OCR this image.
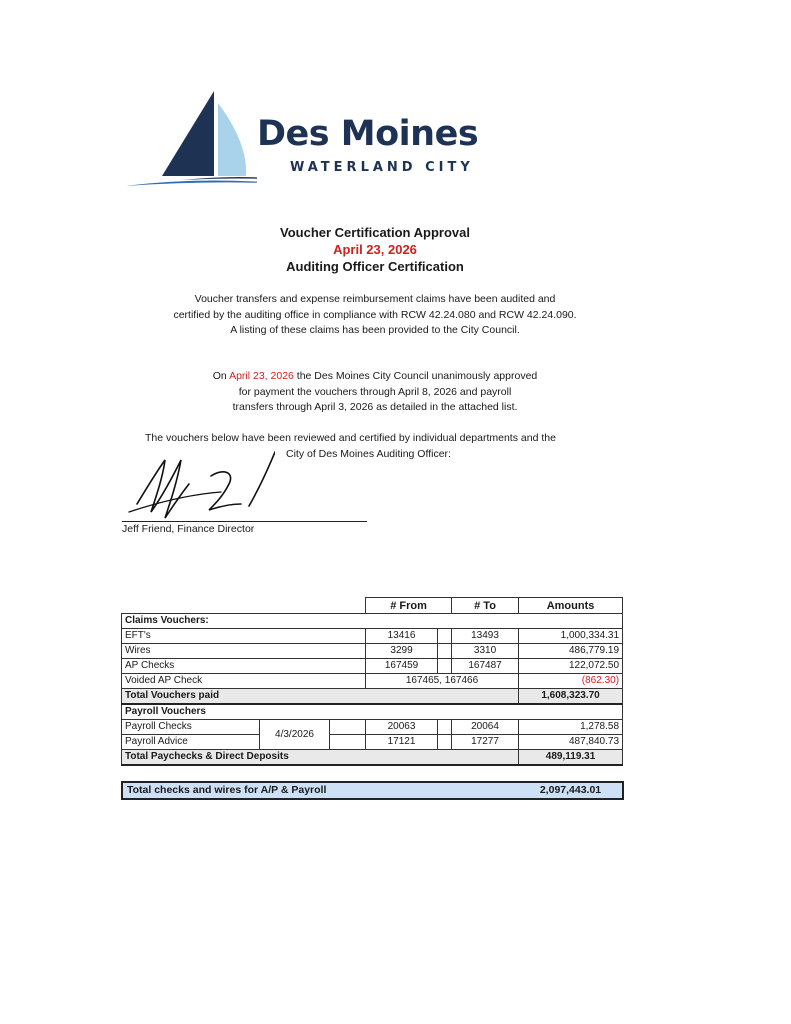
Des Moines

WATERLAND CITY

Voucher Certification Approval
April 23, 2026
Auditing Officer Certification
Voucher transfers and expense reimbursement claims have been audited and
certified by the auditing office in compliance with RCW 42.24.080 and RCW 42.24.090.
A listing of these claims has been provided to the City Council.
On April 23, 2026 the Des Moines City Council unanimously approved
for payment the vouchers through April 8, 2026 and payroll
transfers through April 3, 2026 as detailed in the attached list.
The vouchers below have been reviewed and certified by individual departments and the
City of Des Moines Auditing Officer:

Jeff Friend, Finance Director

			# From		# To	Amounts
Claims Vouchers:						
EFT's			13416		13493	1,000,334.31
Wires			3299		3310	486,779.19
AP Checks			167459		167487	122,072.50
Voided AP Check			167465, 167466			(862.30)
Total Vouchers paid						1,608,323.70
Payroll Vouchers						
Payroll Checks	4/3/2026		20063		20064	1,278.58
Payroll Advice			17121		17277	487,840.73
Total Paychecks & Direct Deposits						489,119.31
Total checks and wires for A/P & Payroll	2,097,443.01
